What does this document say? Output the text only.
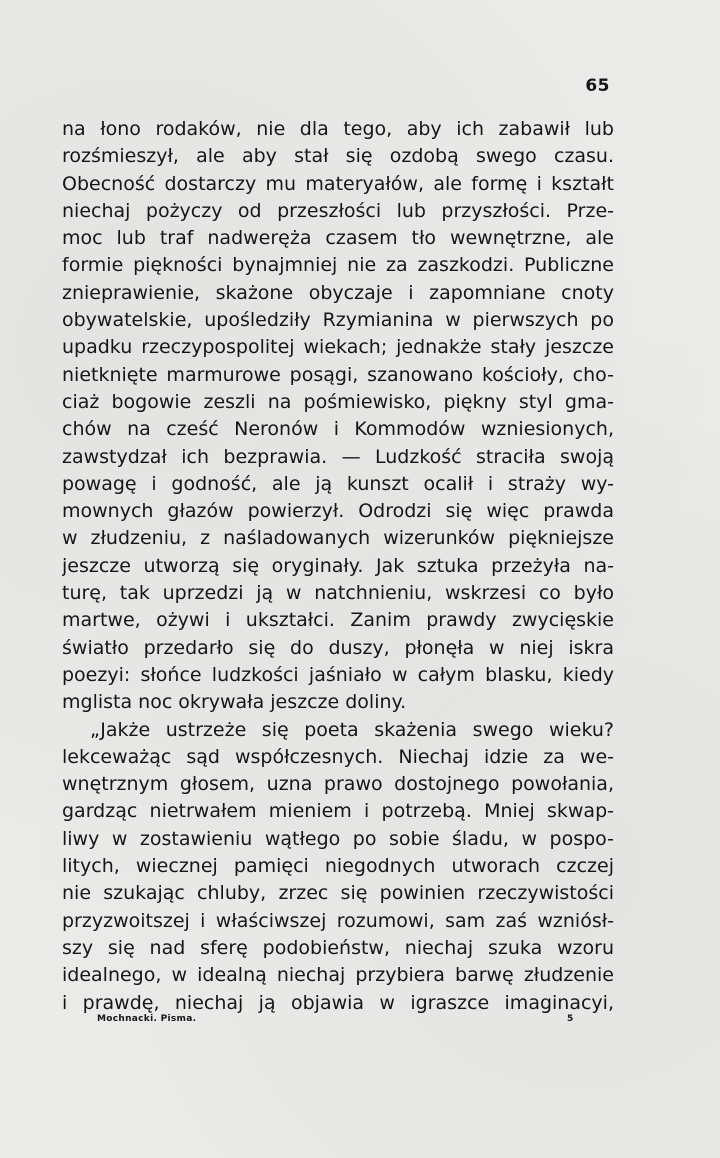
65
na łono rodaków, nie dla tego, aby ich zabawił lub
rozśmieszył, ale aby stał się ozdobą swego czasu.
Obecność dostarczy mu materyałów, ale formę i kształt
niechaj pożyczy od przeszłości lub przyszłości. Prze-
moc lub traf nadweręża czasem tło wewnętrzne, ale
formie piękności bynajmniej nie za zaszkodzi. Publiczne
znieprawienie, skażone obyczaje i zapomniane cnoty
obywatelskie, upośledziły Rzymianina w pierwszych po
upadku rzeczypospolitej wiekach; jednakże stały jeszcze
nietknięte marmurowe posągi, szanowano kościoły, cho-
ciaż bogowie zeszli na pośmiewisko, piękny styl gma-
chów na cześć Neronów i Kommodów wzniesionych,
zawstydzał ich bezprawia. — Ludzkość straciła swoją
powagę i godność, ale ją kunszt ocalił i straży wy-
mownych głazów powierzył. Odrodzi się więc prawda
w złudzeniu, z naśladowanych wizerunków piękniejsze
jeszcze utworzą się oryginały. Jak sztuka przeżyła na-
turę, tak uprzedzi ją w natchnieniu, wskrzesi co było
martwe, ożywi i ukształci. Zanim prawdy zwycięskie
światło przedarło się do duszy, płonęła w niej iskra
poezyi: słońce ludzkości jaśniało w całym blasku, kiedy
mglista noc okrywała jeszcze doliny.
„Jakże ustrzeże się poeta skażenia swego wieku?
lekceważąc sąd współczesnych. Niechaj idzie za we-
wnętrznym głosem, uzna prawo dostojnego powołania,
gardząc nietrwałem mieniem i potrzebą. Mniej skwap-
liwy w zostawieniu wątłego po sobie śladu, w pospo-
litych, wiecznej pamięci niegodnych utworach czczej
nie szukając chluby, zrzec się powinien rzeczywistości
przyzwoitszej i właściwszej rozumowi, sam zaś wzniósł-
szy się nad sferę podobieństw, niechaj szuka wzoru
idealnego, w idealną niechaj przybiera barwę złudzenie
i prawdę, niechaj ją objawia w igraszce imaginacyi,
Mochnacki. Pisma.	5
